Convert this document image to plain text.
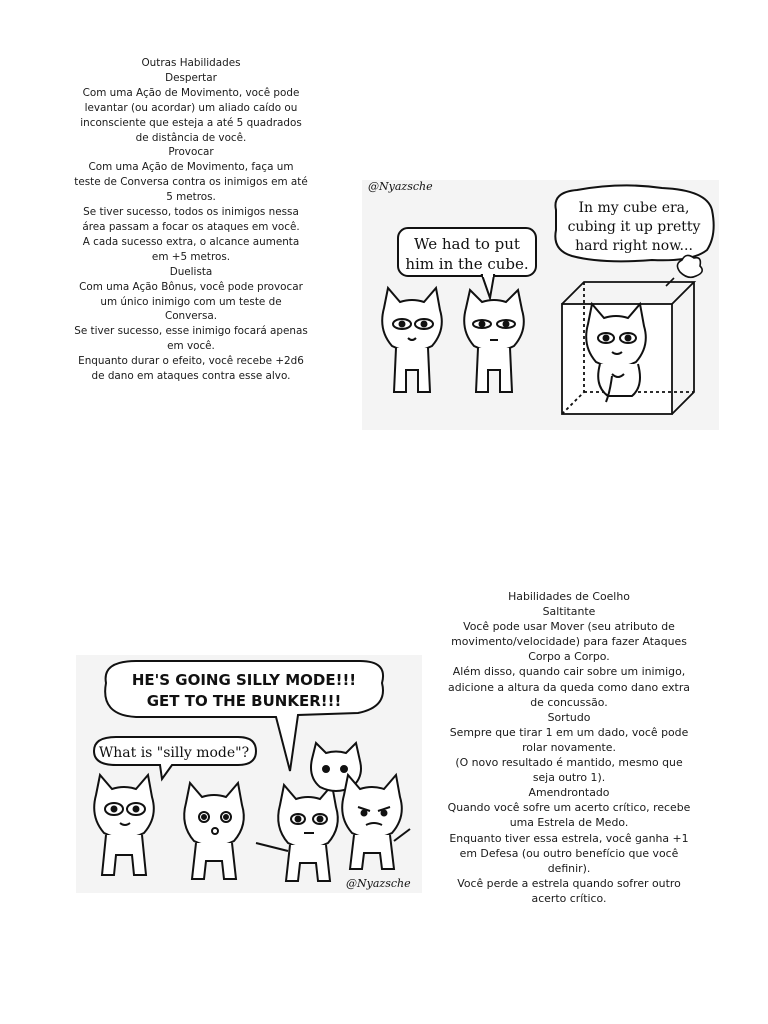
Outras Habilidades

Despertar

Com uma Ação de Movimento, você pode levantar (ou acordar) um aliado caído ou inconsciente que esteja a até 5 quadrados de distância de você.

Provocar

Com uma Ação de Movimento, faça um teste de Conversa contra os inimigos em até 5 metros.

Se tiver sucesso, todos os inimigos nessa área passam a focar os ataques em você.

A cada sucesso extra, o alcance aumenta em +5 metros.

Duelista

Com uma Ação Bônus, você pode provocar um único inimigo com um teste de Conversa.

Se tiver sucesso, esse inimigo focará apenas em você.

Enquanto durar o efeito, você recebe +2d6 de dano em ataques contra esse alvo.

Habilidades de Coelho

Saltitante

Você pode usar Mover (seu atributo de movimento/velocidade) para fazer Ataques Corpo a Corpo.

Além disso, quando cair sobre um inimigo, adicione a altura da queda como dano extra de concussão.

Sortudo

Sempre que tirar 1 em um dado, você pode rolar novamente.

(O novo resultado é mantido, mesmo que seja outro 1).

Amendrontado

Quando você sofre um acerto crítico, recebe uma Estrela de Medo.

Enquanto tiver essa estrela, você ganha +1 em Defesa (ou outro benefício que você definir).

Você perde a estrela quando sofrer outro acerto crítico.

@Nyazsche
We had to put
him in the cube.
In my cube era,
cubing it up pretty
hard right now...
HE'S GOING SILLY MODE!!!
GET TO THE BUNKER!!!
What is "silly mode"?
@Nyazsche
